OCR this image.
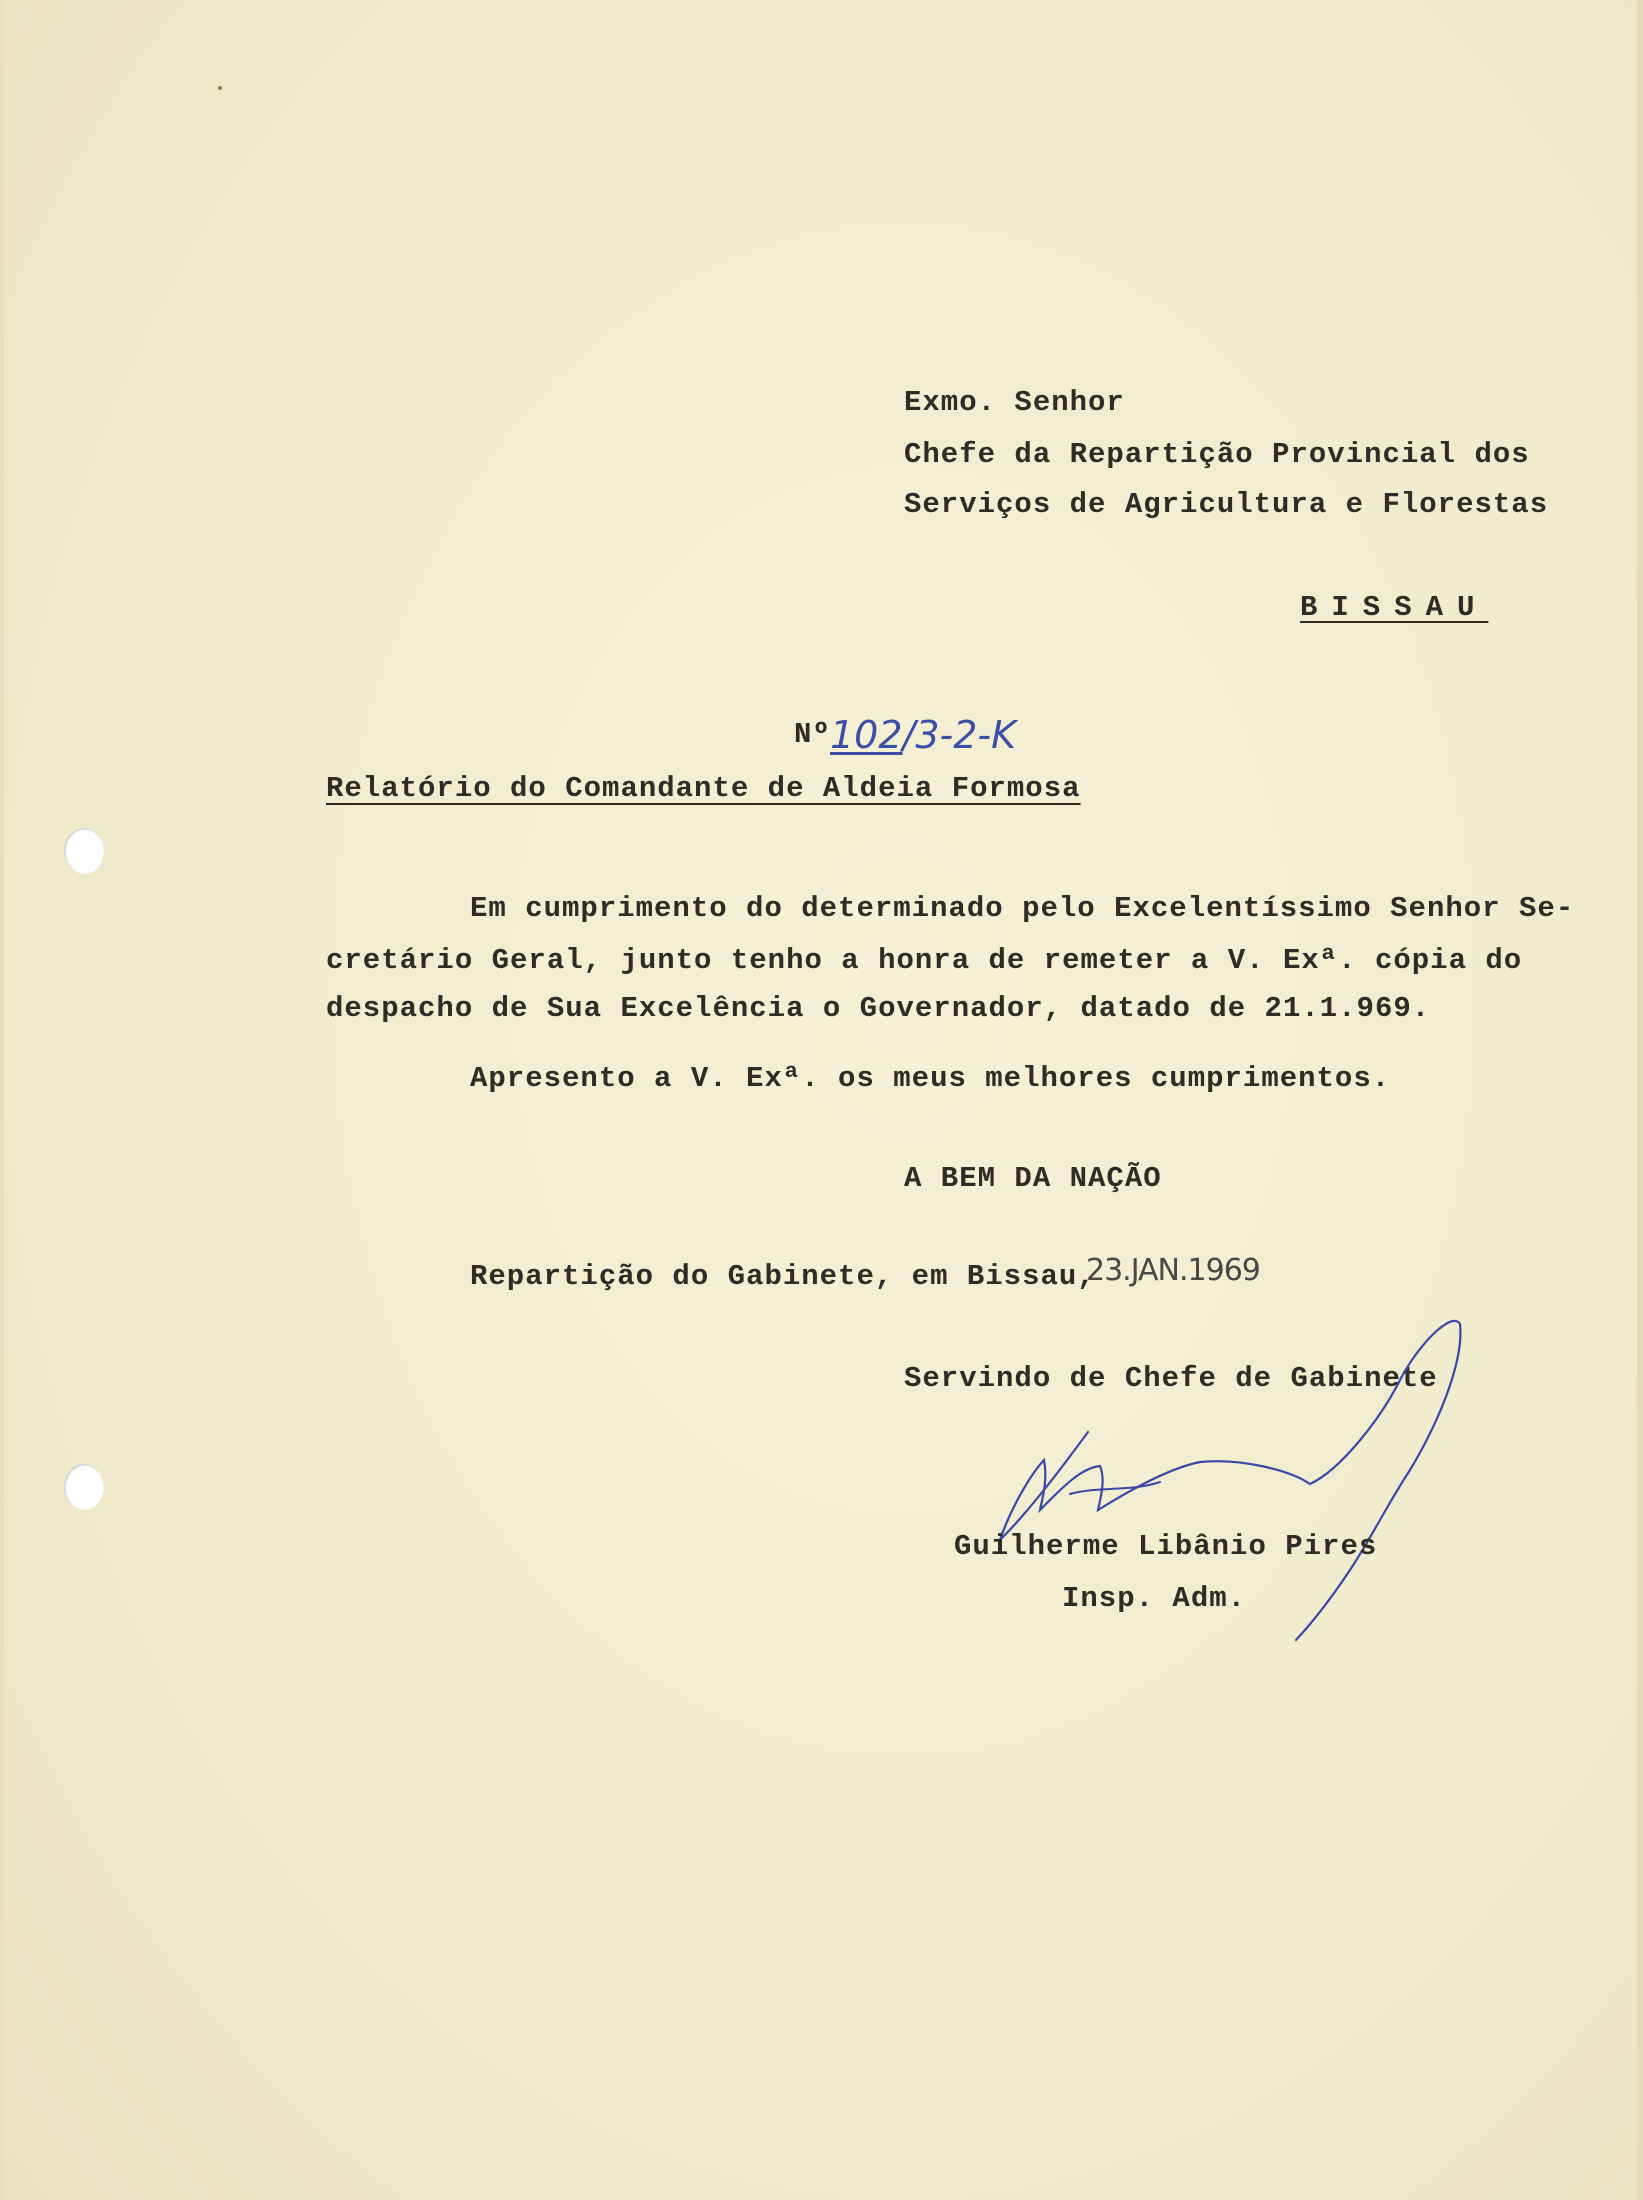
Exmo. Senhor
Chefe da Repartição Provincial dos
Serviços de Agricultura e Florestas
BISSAU
Nº 102/3-2-K
Relatório do Comandante de Aldeia Formosa
Em cumprimento do determinado pelo Excelentíssimo Senhor Se-
cretário Geral, junto tenho a honra de remeter a V. Exª. cópia do
despacho de Sua Excelência o Governador, datado de 21.1.969.
Apresento a V. Exª. os meus melhores cumprimentos.
A BEM DA NAÇÃO
Repartição do Gabinete, em Bissau,
23.JAN.1969
Servindo de Chefe de Gabinete
Guilherme Libânio Pires
Insp. Adm.
